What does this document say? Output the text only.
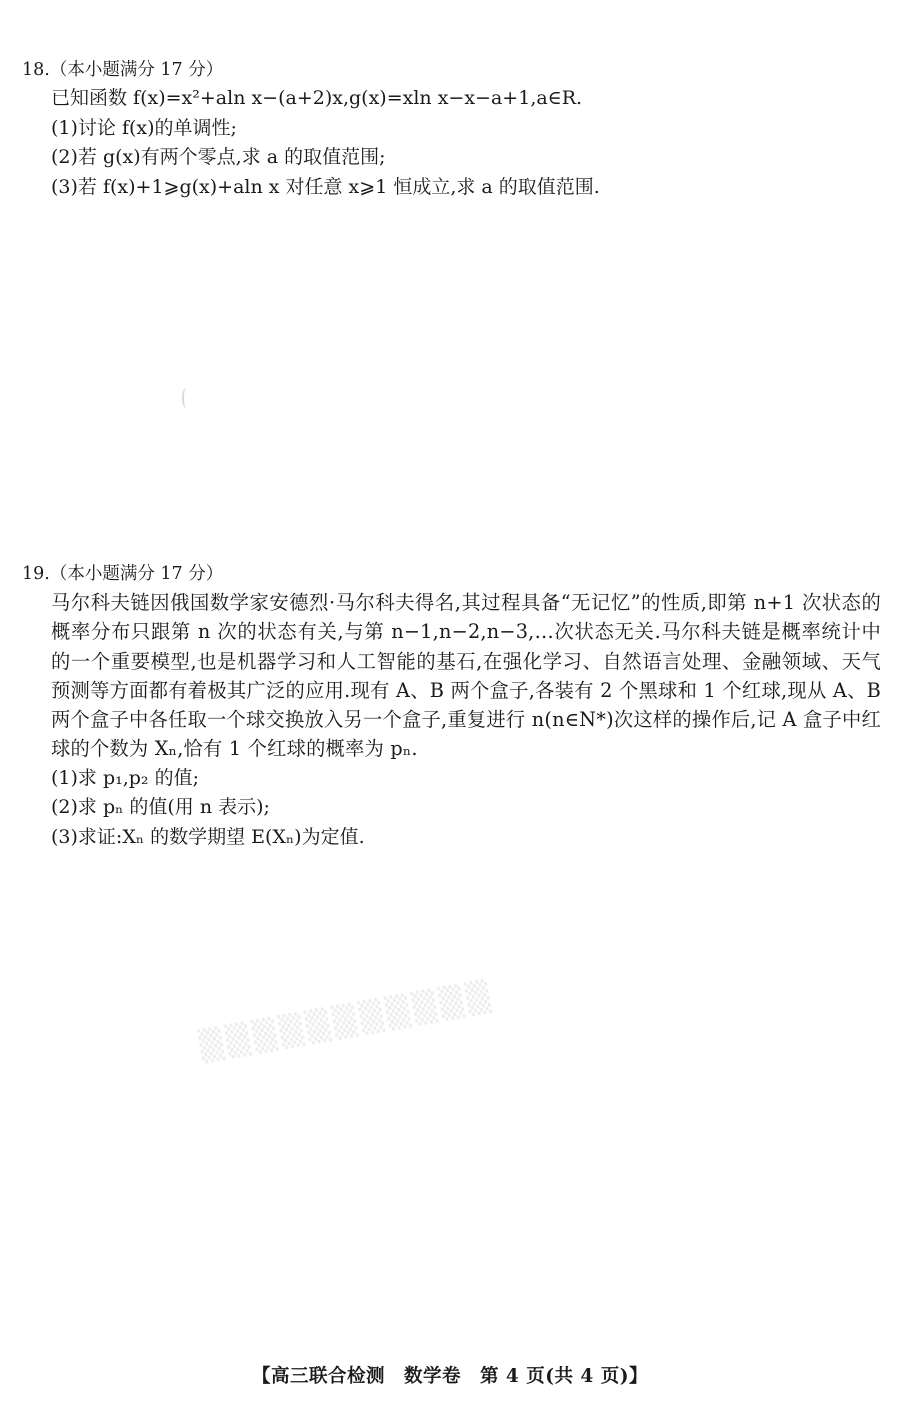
18.（本小题满分 17 分）
已知函数 f(x)=x²+aln x−(a+2)x,g(x)=xln x−x−a+1,a∈R.
(1)讨论 f(x)的单调性;
(2)若 g(x)有两个零点,求 a 的取值范围;
(3)若 f(x)+1⩾g(x)+aln x 对任意 x⩾1 恒成立,求 a 的取值范围.
19.（本小题满分 17 分）
马尔科夫链因俄国数学家安德烈·马尔科夫得名,其过程具备“无记忆”的性质,即第 n+1 次状态的概率分布只跟第 n 次的状态有关,与第 n−1,n−2,n−3,…次状态无关.马尔科夫链是概率统计中的一个重要模型,也是机器学习和人工智能的基石,在强化学习、自然语言处理、金融领域、天气预测等方面都有着极其广泛的应用.现有 A、B 两个盒子,各装有 2 个黑球和 1 个红球,现从 A、B 两个盒子中各任取一个球交换放入另一个盒子,重复进行 n(n∈N*)次这样的操作后,记 A 盒子中红球的个数为 Xₙ,恰有 1 个红球的概率为 pₙ.
(1)求 p₁,p₂ 的值;
(2)求 pₙ 的值(用 n 表示);
(3)求证:Xₙ 的数学期望 E(Xₙ)为定值.
▒▒▒▒▒▒▒▒▒▒▒
【高三联合检测　数学卷　第 4 页(共 4 页)】
